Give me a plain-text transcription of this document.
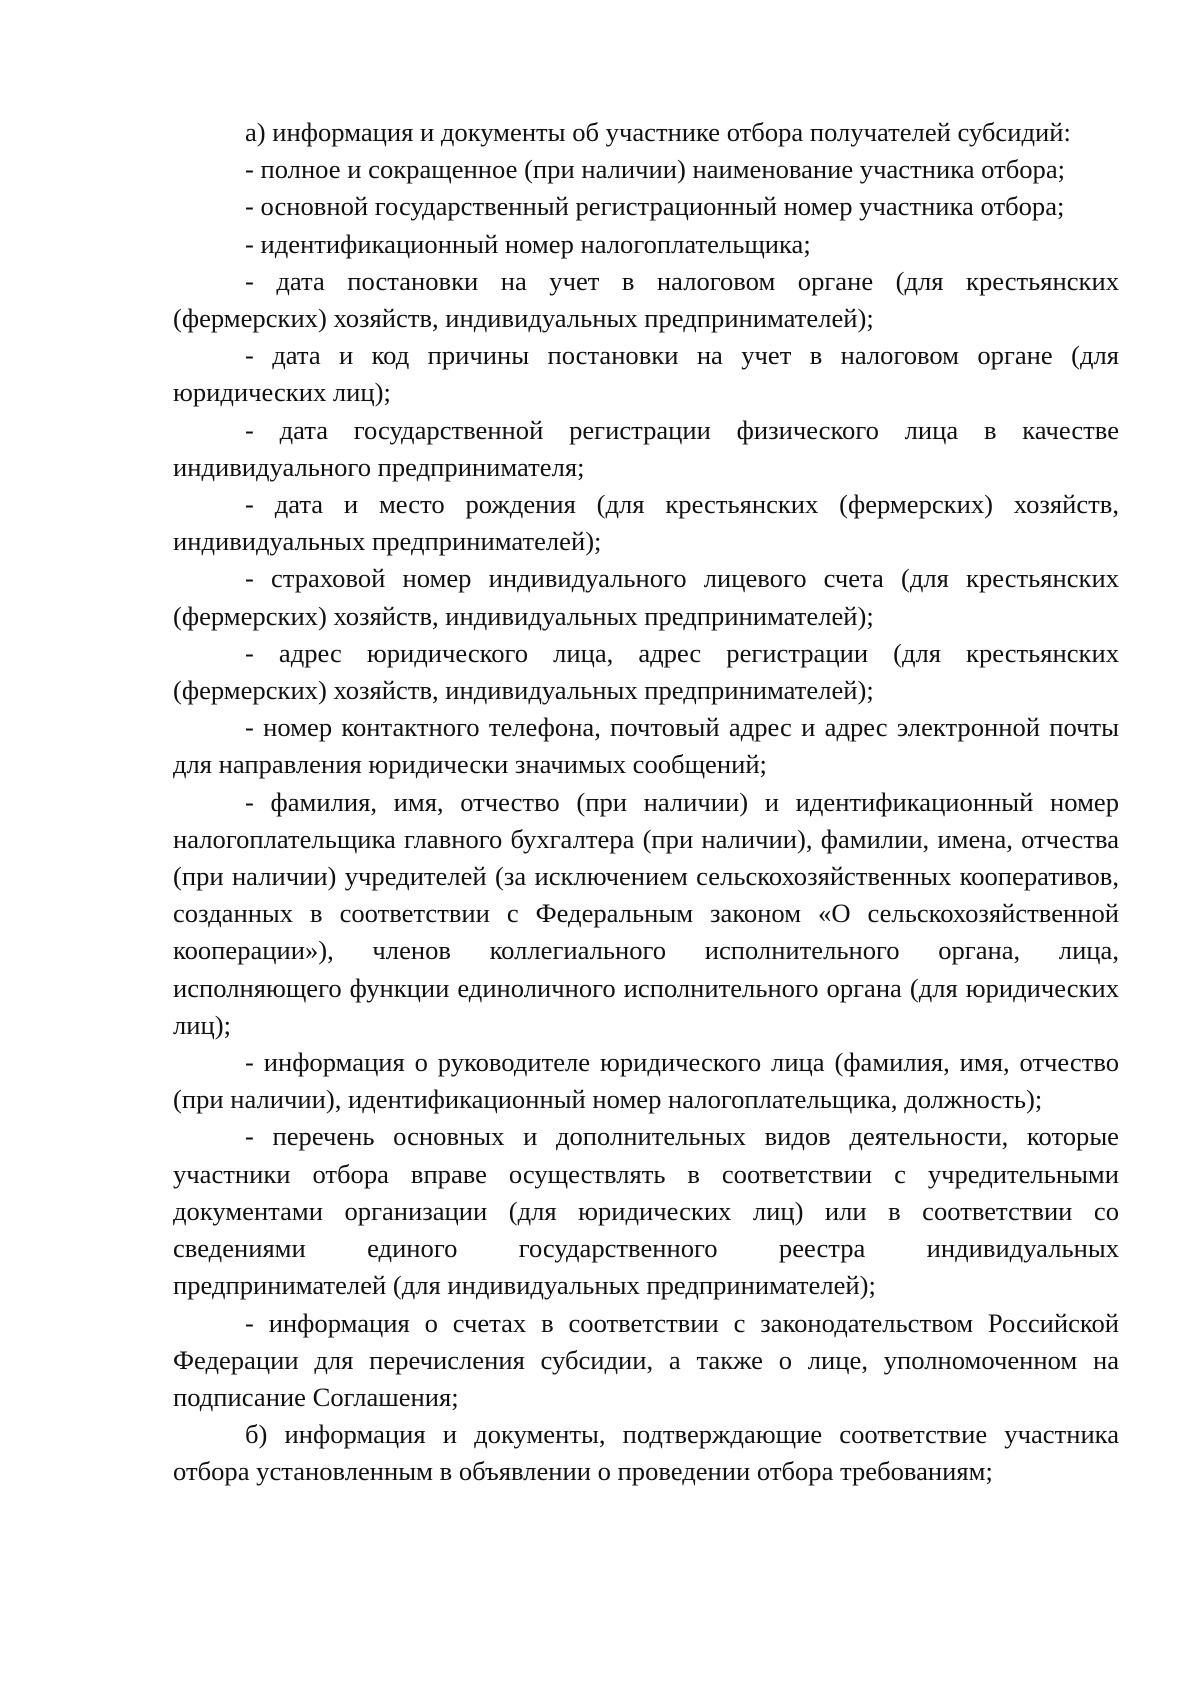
а) информация и документы об участнике отбора получателей субсидий:

- полное и сокращенное (при наличии) наименование участника отбора;

- основной государственный регистрационный номер участника отбора;

- идентификационный номер налогоплательщика;

- дата постановки на учет в налоговом органе (для крестьянских (фермерских) хозяйств, индивидуальных предпринимателей);

- дата и код причины постановки на учет в налоговом органе (для юридических лиц);

- дата государственной регистрации физического лица в качестве индивидуального предпринимателя;

- дата и место рождения (для крестьянских (фермерских) хозяйств, индивидуальных предпринимателей);

- страховой номер индивидуального лицевого счета (для крестьянских (фермерских) хозяйств, индивидуальных предпринимателей);

- адрес юридического лица, адрес регистрации (для крестьянских (фермерских) хозяйств, индивидуальных предпринимателей);

- номер контактного телефона, почтовый адрес и адрес электронной почты для направления юридически значимых сообщений;

- фамилия, имя, отчество (при наличии) и идентификационный номер налогоплательщика главного бухгалтера (при наличии), фамилии, имена, отчества (при наличии) учредителей (за исключением сельскохозяйственных кооперативов, созданных в соответствии с Федеральным законом «О сельскохозяйственной кооперации»), членов коллегиального исполнительного органа, лица, исполняющего функции единоличного исполнительного органа (для юридических лиц);

- информация о руководителе юридического лица (фамилия, имя, отчество (при наличии), идентификационный номер налогоплательщика, должность);

- перечень основных и дополнительных видов деятельности, которые участники отбора вправе осуществлять в соответствии с учредительными документами организации (для юридических лиц) или в соответствии со сведениями единого государственного реестра индивидуальных предпринимателей (для индивидуальных предпринимателей);

- информация о счетах в соответствии с законодательством Российской Федерации для перечисления субсидии, а также о лице, уполномоченном на подписание Соглашения;

б) информация и документы, подтверждающие соответствие участника отбора установленным в объявлении о проведении отбора требованиям;
